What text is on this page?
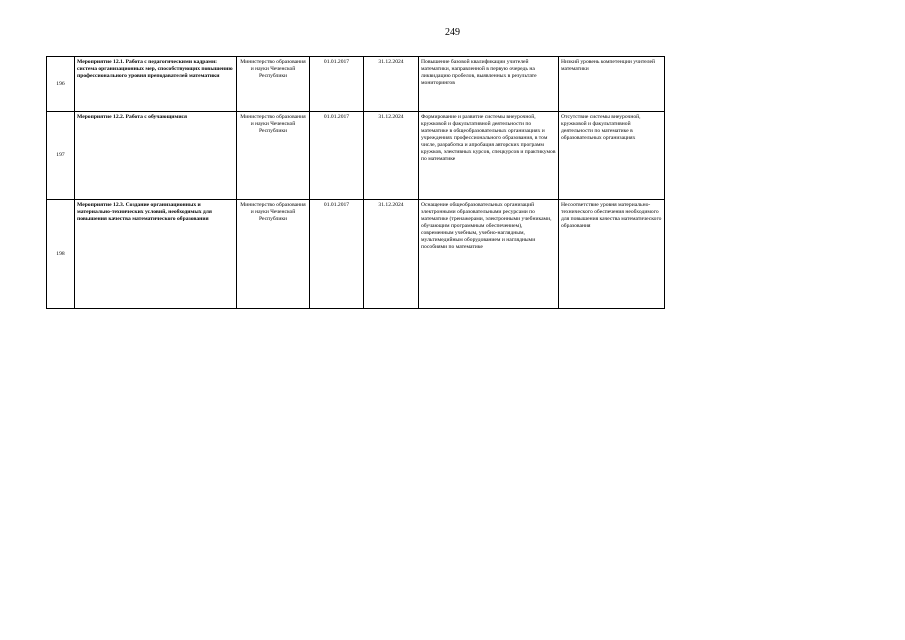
249
196	Мероприятие 12.1. Работа с педагогическими кадрами: система организационных мер, способствующих повышению профессионального уровня преподавателей математики	Министерство образования и науки Чеченской Республики	01.01.2017	31.12.2024	Повышение базовой квалификации учителей математики, направленной в первую очередь на ликвидацию пробелов, выявленных в результате мониторингов	Низкий уровень компетенции учителей математики
197	Мероприятие 12.2. Работа с обучающимися	Министерство образования и науки Чеченской Республики	01.01.2017	31.12.2024	Формирование и развитие системы внеурочной, кружковой и факультативной деятельности по математике в общеобразовательных организациях и учреждениях профессионального образования, в том числе, разработка и апробация авторских программ кружков, элективных курсов, спецкурсов и практикумов по математике	Отсутствие системы внеурочной, кружковой и факультативной деятельности по математике в образовательных организациях
198	Мероприятие 12.3. Создание организационных и материально-технических условий, необходимых для повышения качества математического образования	Министерство образования и науки Чеченской Республики	01.01.2017	31.12.2024	Оснащение общеобразовательных организаций электронными образовательными ресурсами по математике (тренажерами, электронными учебниками, обучающим программным обеспечением), современным учебным, учебно-наглядным, мультимедийным оборудованием и наглядными пособиями по математике	Несоответствие уровня материально-технического обеспечения необходимого для повышения качества математического образования
